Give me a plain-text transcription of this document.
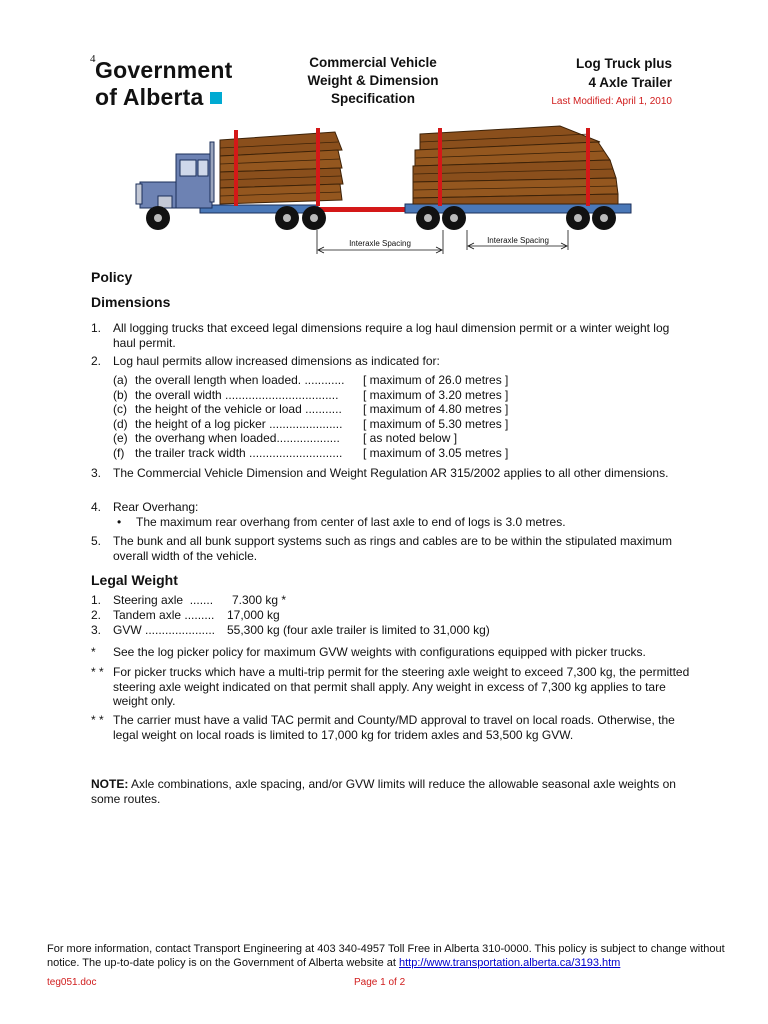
4 Government
of Alberta
Commercial Vehicle
Weight & Dimension
Specification
Log Truck plus
4 Axle Trailer
Last Modified: April 1, 2010
Interaxle Spacing	Interaxle Spacing
Policy
Dimensions
1. All logging trucks that exceed legal dimensions require a log haul dimension permit or a winter weight log haul permit.
2. Log haul permits allow increased dimensions as indicated for:
(a) the overall length when loaded. ............ [ maximum of 26.0 metres ]
(b) the overall width .................................. [ maximum of 3.20 metres ]
(c) the height of the vehicle or load ........... [ maximum of 4.80 metres ]
(d) the height of a log picker ...................... [ maximum of 5.30 metres ]
(e) the overhang when loaded................... [ as noted below ]
(f) the trailer track width ............................ [ maximum of 3.05 metres ]
3. The Commercial Vehicle Dimension and Weight Regulation AR 315/2002 applies to all other dimensions.
4. Rear Overhang:
• The maximum rear overhang from center of last axle to end of logs is 3.0 metres.
5. The bunk and all bunk support systems such as rings and cables are to be within the stipulated maximum overall width of the vehicle.
Legal Weight
1. Steering axle  ....... 7.300 kg *
2. Tandem axle ......... 17,000 kg
3. GVW ..................... 55,300 kg (four axle trailer is limited to 31,000 kg)
* See the log picker policy for maximum GVW weights with configurations equipped with picker trucks.
* * For picker trucks which have a multi-trip permit for the steering axle weight to exceed 7,300 kg, the permitted steering axle weight indicated on that permit shall apply. Any weight in excess of 7,300 kg applies to tare weight only.
* * The carrier must have a valid TAC permit and County/MD approval to travel on local roads. Otherwise, the legal weight on local roads is limited to 17,000 kg for tridem axles and 53,500 kg GVW.
NOTE: Axle combinations, axle spacing, and/or GVW limits will reduce the allowable seasonal axle weights on some routes.
For more information, contact Transport Engineering at 403 340-4957 Toll Free in Alberta 310-0000. This policy is subject to change without notice. The up-to-date policy is on the Government of Alberta website at http://www.transportation.alberta.ca/3193.htm
teg051.doc	Page 1 of 2
